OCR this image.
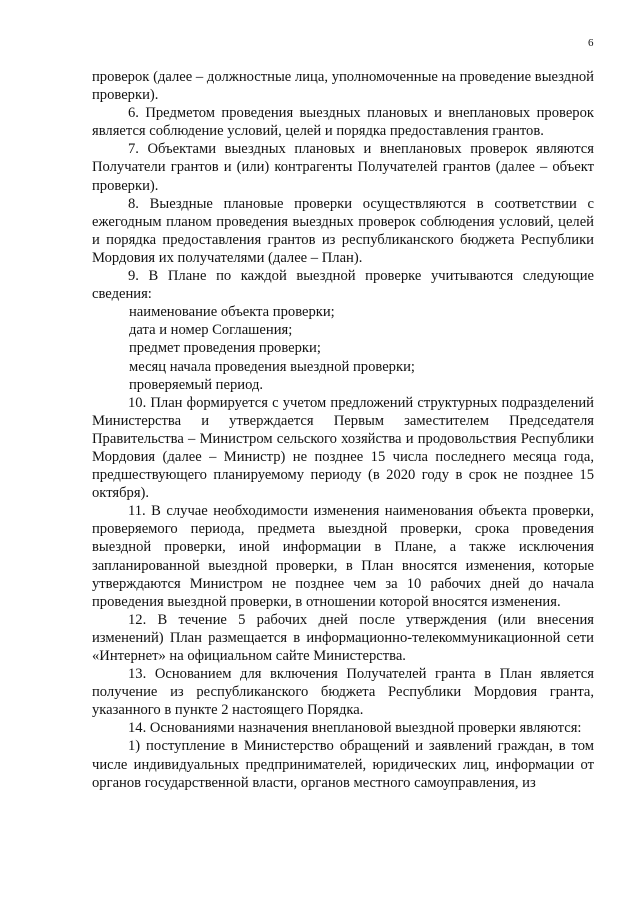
6

проверок (далее – должностные лица, уполномоченные на проведение выездной проверки).

6. Предметом проведения выездных плановых и внеплановых проверок является соблюдение условий, целей и порядка предоставления грантов.

7. Объектами выездных плановых и внеплановых проверок являются Получатели грантов и (или) контрагенты Получателей грантов (далее – объект проверки).

8. Выездные плановые проверки осуществляются в соответствии с ежегодным планом проведения выездных проверок соблюдения условий, целей и порядка предоставления грантов из республиканского бюджета Республики Мордовия их получателями (далее – План).

9. В Плане по каждой выездной проверке учитываются следующие сведения:

наименование объекта проверки;

дата и номер Соглашения;

предмет проведения проверки;

месяц начала проведения выездной проверки;

проверяемый период.

10. План формируется с учетом предложений структурных подразделений Министерства и утверждается Первым заместителем Председателя Правительства – Министром сельского хозяйства и продовольствия Республики Мордовия (далее – Министр) не позднее 15 числа последнего месяца года, предшествующего планируемому периоду (в 2020 году в срок не позднее 15 октября).

11. В случае необходимости изменения наименования объекта проверки, проверяемого периода, предмета выездной проверки, срока проведения выездной проверки, иной информации в Плане, а также исключения запланированной выездной проверки, в План вносятся изменения, которые утверждаются Министром не позднее чем за 10 рабочих дней до начала проведения выездной проверки, в отношении которой вносятся изменения.

12. В течение 5 рабочих дней после утверждения (или внесения изменений) План размещается в информационно-телекоммуникационной сети «Интернет» на официальном сайте Министерства.

13. Основанием для включения Получателей гранта в План является получение из республиканского бюджета Республики Мордовия гранта, указанного в пункте 2 настоящего Порядка.

14. Основаниями назначения внеплановой выездной проверки являются:

1) поступление в Министерство обращений и заявлений граждан, в том числе индивидуальных предпринимателей, юридических лиц, информации от органов государственной власти, органов местного самоуправления, из
